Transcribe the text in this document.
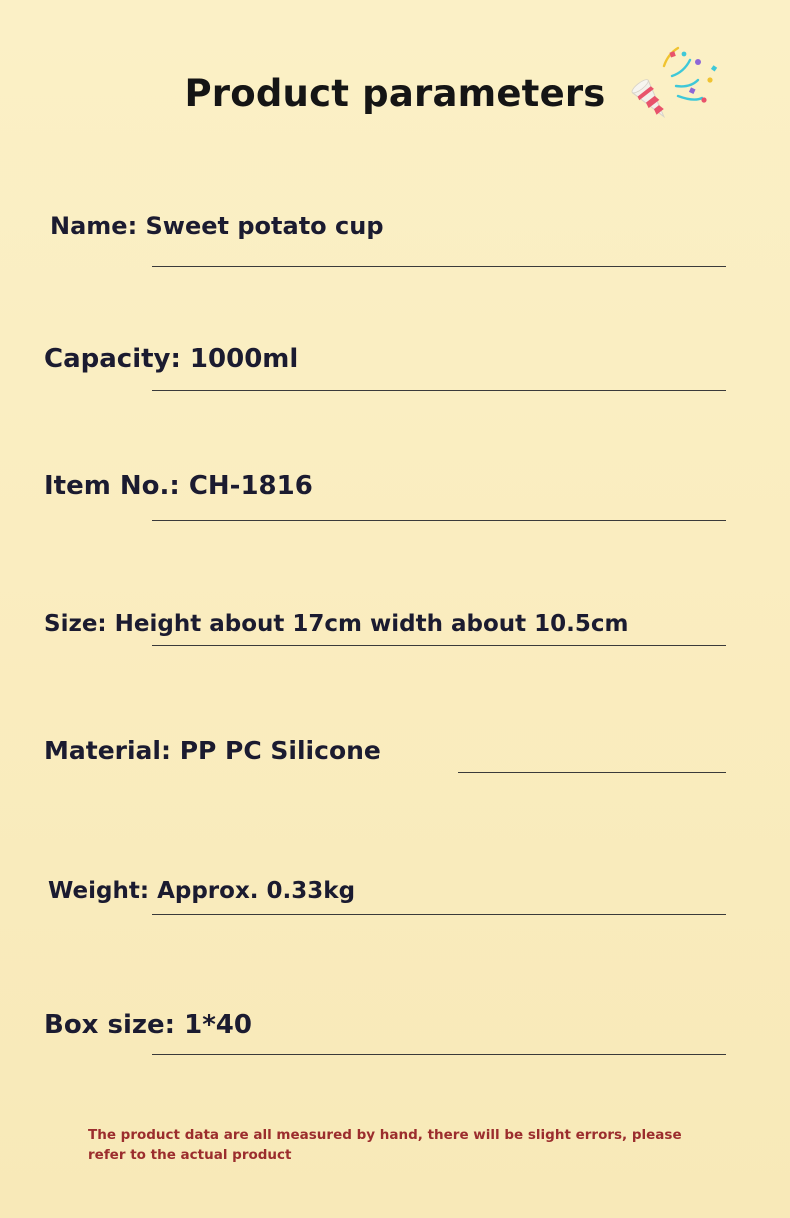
Product parameters
Name: Sweet potato cup
Capacity: 1000ml
Item No.: CH-1816
Size: Height about 17cm width about 10.5cm
Material: PP PC Silicone
Weight: Approx. 0.33kg
Box size: 1*40
The product data are all measured by hand, there will be slight errors, please refer to the actual product
